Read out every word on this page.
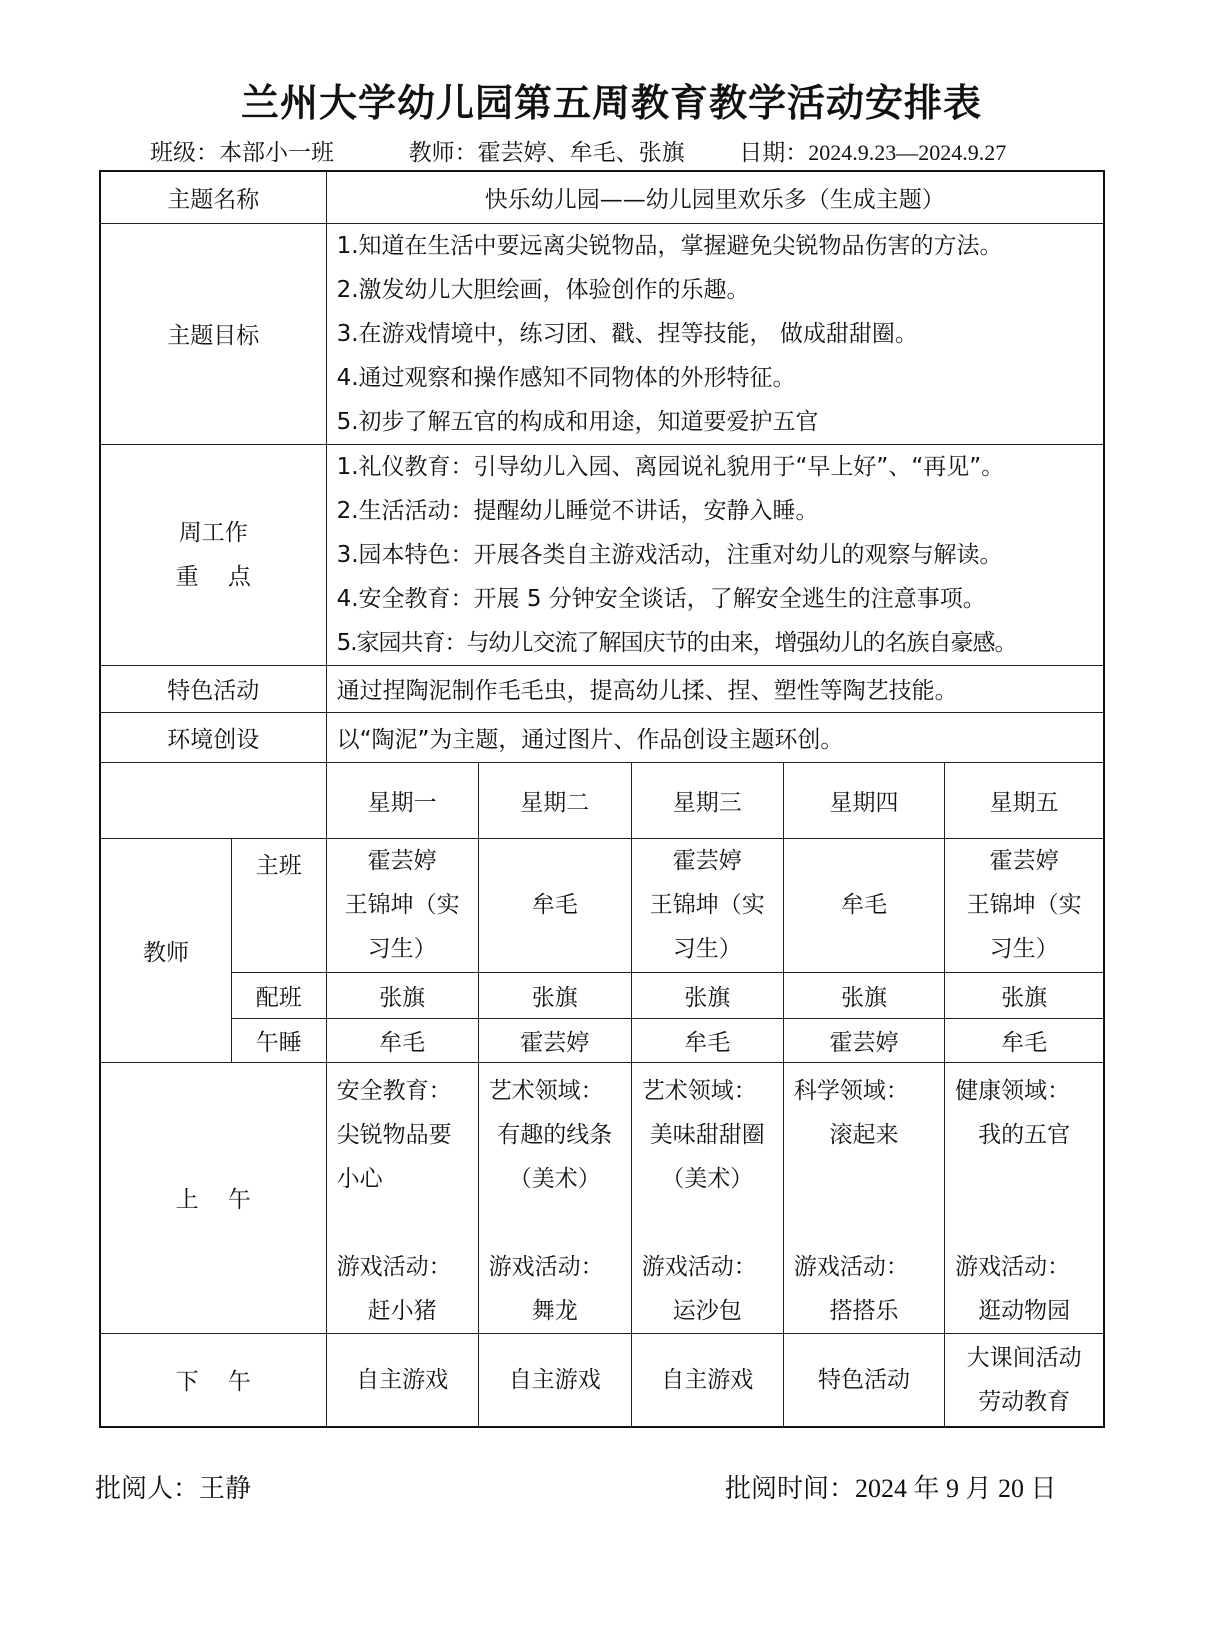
兰州大学幼儿园第五周教育教学活动安排表
班级：本部小一班	教师：霍芸婷、牟毛、张旗 日期：2024.9.23—2024.9.27
主题名称		快乐幼儿园——幼儿园里欢乐多（生成主题）				
主题目标		1.知道在生活中要远离尖锐物品，掌握避免尖锐物品伤害的方法。
2.激发幼儿大胆绘画，体验创作的乐趣。
3.在游戏情境中，练习团、戳、捏等技能， 做成甜甜圈。
4.通过观察和操作感知不同物体的外形特征。
5.初步了解五官的构成和用途，知道要爱护五官				

周工作
重    点		1.礼仪教育：引导幼儿入园、离园说礼貌用于“早上好”、“再见”。
2.生活活动：提醒幼儿睡觉不讲话，安静入睡。
3.园本特色：开展各类自主游戏活动，注重对幼儿的观察与解读。
4.安全教育：开展 5 分钟安全谈话，了解安全逃生的注意事项。
5.家园共育：与幼儿交流了解国庆节的由来，增强幼儿的名族自豪感。				

特色活动		通过捏陶泥制作毛毛虫，提高幼儿揉、捏、塑性等陶艺技能。				
环境创设		以“陶泥”为主题，通过图片、作品创设主题环创。				
		星期一	星期二	星期三	星期四	星期五
教师	主班	霍芸婷
王锦坤（实
习生）	牟毛	霍芸婷
王锦坤（实
习生）	牟毛	霍芸婷
王锦坤（实
习生）

	配班	张旗	张旗	张旗	张旗	张旗
	午睡	牟毛	霍芸婷	牟毛	霍芸婷	牟毛
上    午		安全教育：
尖锐物品要
小心
游戏活动：
赶小猪	艺术领域：
有趣的线条
（美术）
游戏活动：
舞龙	艺术领域：
美味甜甜圈
（美术）
游戏活动：
运沙包	科学领域：
滚起来
游戏活动：
搭搭乐	健康领域：
我的五官
游戏活动：
逛动物园

下    午		自主游戏	自主游戏	自主游戏	特色活动	大课间活动
劳动教育
批阅人：王静	批阅时间：2024 年 9 月 20 日
